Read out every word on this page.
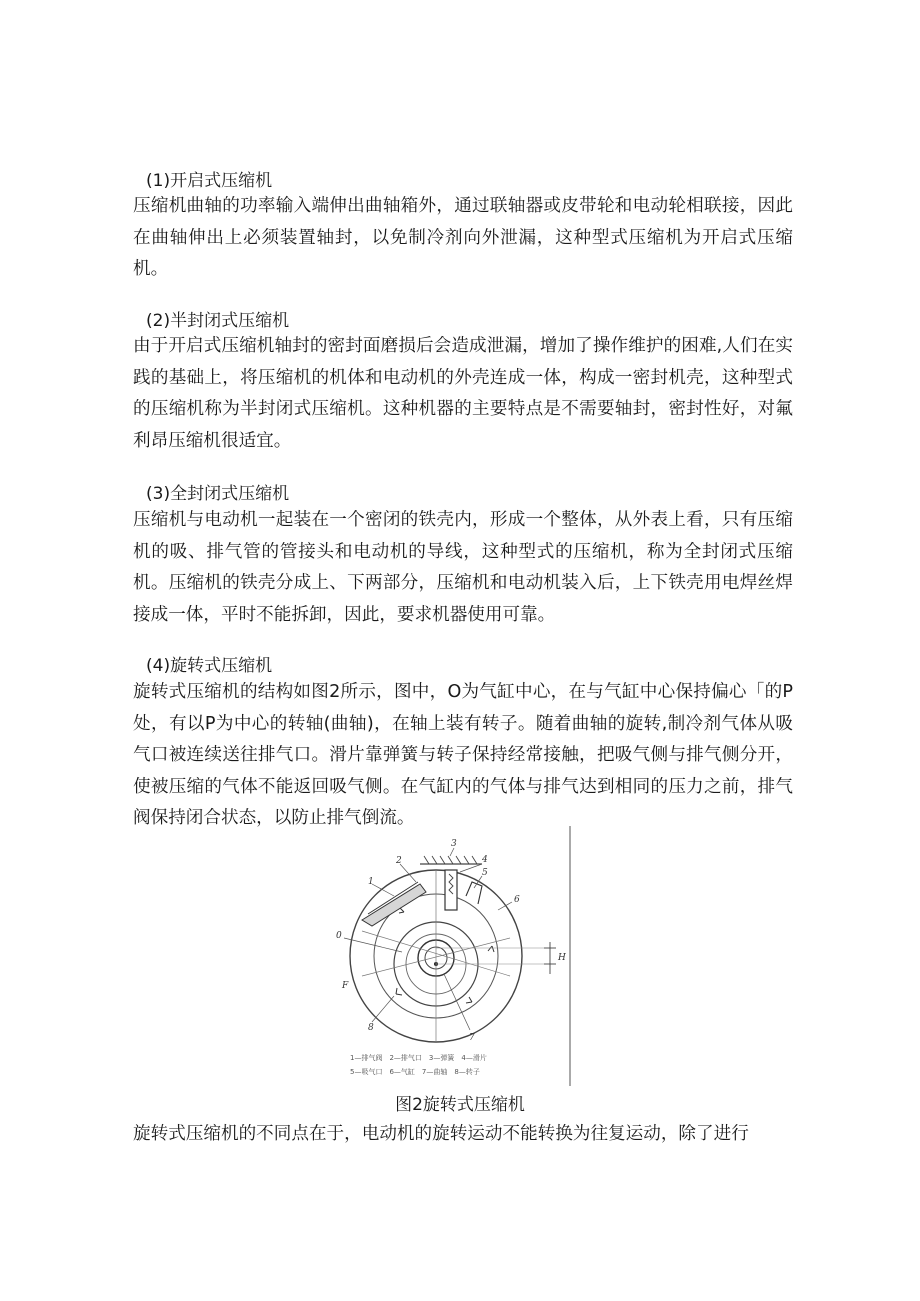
(1)开启式压缩机

压缩机曲轴的功率输入端伸出曲轴箱外，通过联轴器或皮带轮和电动轮相联接，因此在曲轴伸出上必须装置轴封，以免制冷剂向外泄漏，这种型式压缩机为开启式压缩机。

(2)半封闭式压缩机

由于开启式压缩机轴封的密封面磨损后会造成泄漏，增加了操作维护的困难,人们在实践的基础上，将压缩机的机体和电动机的外壳连成一体，构成一密封机壳，这种型式的压缩机称为半封闭式压缩机。这种机器的主要特点是不需要轴封，密封性好，对氟利昂压缩机很适宜。

(3)全封闭式压缩机

压缩机与电动机一起装在一个密闭的铁壳内，形成一个整体，从外表上看，只有压缩机的吸、排气管的管接头和电动机的导线，这种型式的压缩机，称为全封闭式压缩机。压缩机的铁壳分成上、下两部分，压缩机和电动机装入后，上下铁壳用电焊丝焊接成一体，平时不能拆卸，因此，要求机器使用可靠。

(4)旋转式压缩机

旋转式压缩机的结构如图2所示，图中，O为气缸中心，在与气缸中心保持偏心「的P处，有以P为中心的转轴(曲轴)，在轴上装有转子。随着曲轴的旋转,制冷剂气体从吸气口被连续送往排气口。滑片靠弹簧与转子保持经常接触，把吸气侧与排气侧分开，使被压缩的气体不能返回吸气侧。在气缸内的气体与排气达到相同的压力之前，排气阀保持闭合状态，以防止排气倒流。

1
2
3
4
5
6
7
8
0
F
H
1—排气阀　2—排气口　3—弹簧　4—滑片
5—吸气口　6—气缸　7—曲轴　8—转子
图2旋转式压缩机

旋转式压缩机的不同点在于，电动机的旋转运动不能转换为往复运动，除了进行
